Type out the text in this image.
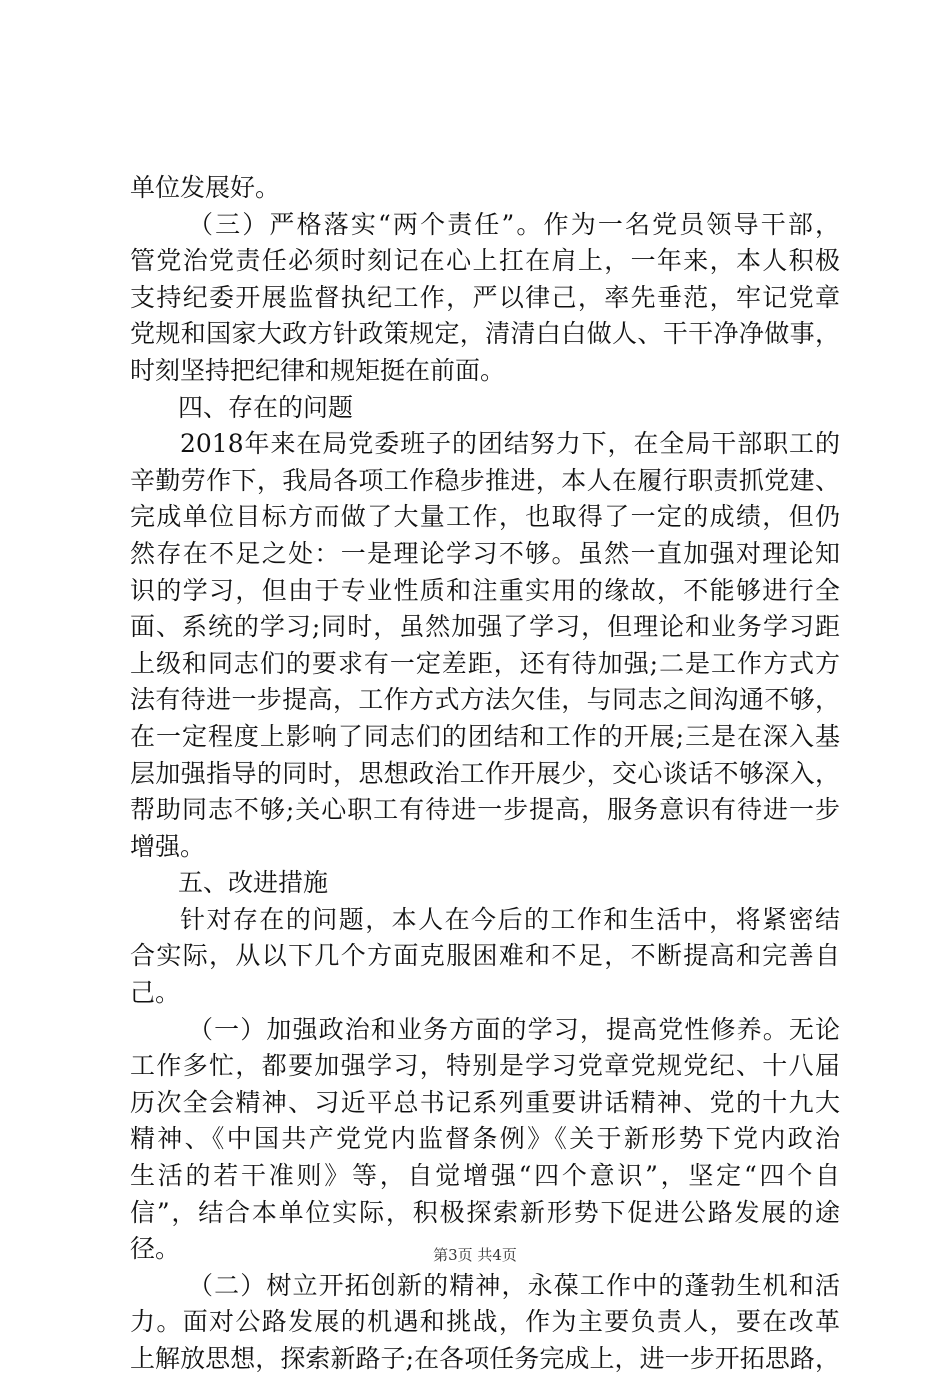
单位发展好。
（三）严格落实“两个责任”。作为一名党员领导干部，
管党治党责任必须时刻记在心上扛在肩上，一年来，本人积极
支持纪委开展监督执纪工作，严以律己，率先垂范，牢记党章
党规和国家大政方针政策规定，清清白白做人、干干净净做事，
时刻坚持把纪律和规矩挺在前面。
四、存在的问题
2018年来在局党委班子的团结努力下，在全局干部职工的
辛勤劳作下，我局各项工作稳步推进，本人在履行职责抓党建、
完成单位目标方而做了大量工作，也取得了一定的成绩，但仍
然存在不足之处：一是理论学习不够。虽然一直加强对理论知
识的学习，但由于专业性质和注重实用的缘故，不能够进行全
面、系统的学习;同时，虽然加强了学习，但理论和业务学习距
上级和同志们的要求有一定差距，还有待加强;二是工作方式方
法有待进一步提高，工作方式方法欠佳，与同志之间沟通不够，
在一定程度上影响了同志们的团结和工作的开展;三是在深入基
层加强指导的同时，思想政治工作开展少，交心谈话不够深入，
帮助同志不够;关心职工有待进一步提高，服务意识有待进一步
增强。
五、改进措施
针对存在的问题，本人在今后的工作和生活中，将紧密结
合实际，从以下几个方面克服困难和不足，不断提高和完善自
己。
（一）加强政治和业务方面的学习，提高党性修养。无论
工作多忙，都要加强学习，特别是学习党章党规党纪、十八届
历次全会精神、习近平总书记系列重要讲话精神、党的十九大
精神、《中国共产党党内监督条例》《关于新形势下党内政治
生活的若干准则》等，自觉增强“四个意识”，坚定“四个自
信”，结合本单位实际，积极探索新形势下促进公路发展的途
径。
（二）树立开拓创新的精神，永葆工作中的蓬勃生机和活
力。面对公路发展的机遇和挑战，作为主要负责人，要在改革
上解放思想，探索新路子;在各项任务完成上，进一步开拓思路，
第3页 共4页
